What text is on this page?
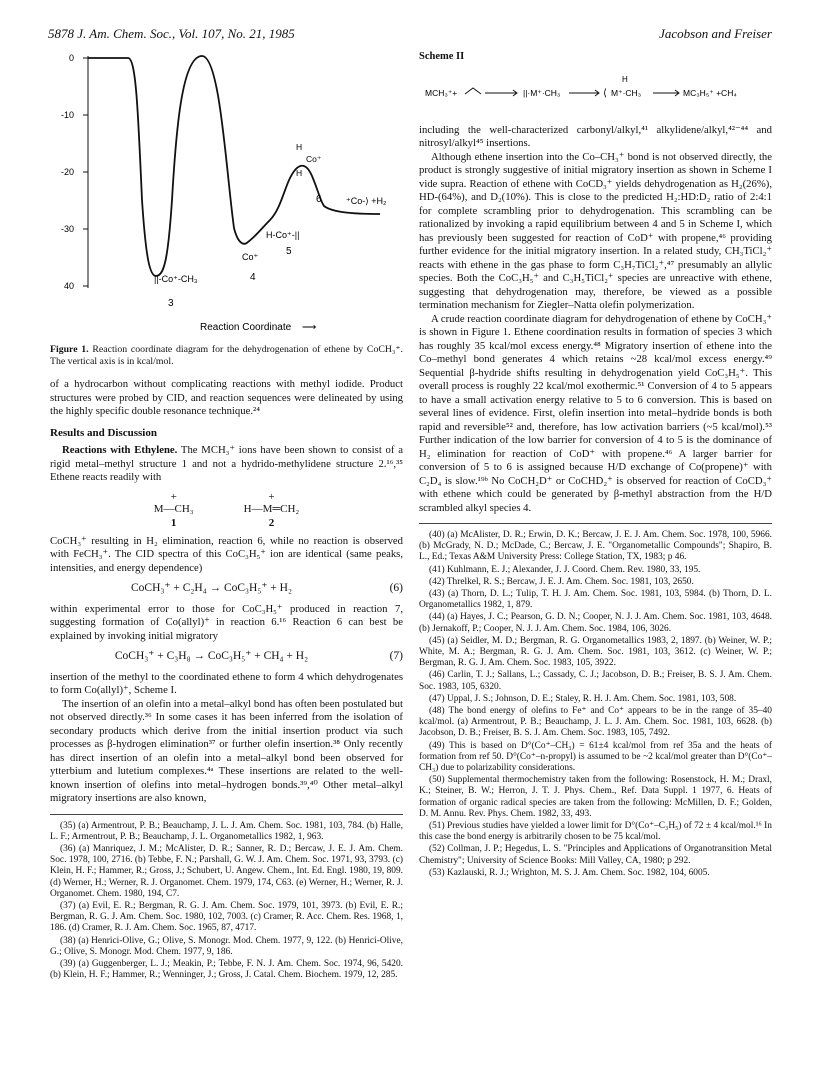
5878 J. Am. Chem. Soc., Vol. 107, No. 21, 1985	Jacobson and Freiser
0
-10
-20
-30
40
||-Co⁺-CH₃
3
Co⁺
4
H-Co⁺-||
5
H
Co⁺
H
6	⁺Co-⟩ +H₂
Reaction Coordinate ⟶
Figure 1. Reaction coordinate diagram for the dehydrogenation of ethene by CoCH₃⁺. The vertical axis is in kcal/mol.

of a hydrocarbon without complicating reactions with methyl iodide. Product structures were probed by CID, and reaction sequences were delineated by using the highly specific double resonance technique.²⁴

Results and Discussion

Reactions with Ethylene. The MCH₃⁺ ions have been shown to consist of a rigid metal–methyl structure 1 and not a hydrido-methylidene structure 2.¹⁶,³⁵ Ethene reacts readily with

+
M—CH₃
1
+
H—M═CH₂
2

CoCH₃⁺ resulting in H₂ elimination, reaction 6, while no reaction is observed with FeCH₃⁺. The CID spectra of this CoC₃H₅⁺ ion are identical (same peaks, intensities, and energy dependence)

CoCH₃⁺ + C₂H₄ → CoC₃H₅⁺ + H₂	(6)

within experimental error to those for CoC₃H₅⁺ produced in reaction 7, suggesting formation of Co(allyl)⁺ in reaction 6.¹⁶ Reaction 6 can best be explained by invoking initial migratory

CoCH₃⁺ + C₃H₈ → CoC₃H₅⁺ + CH₄ + H₂	(7)

insertion of the methyl to the coordinated ethene to form 4 which dehydrogenates to form Co(allyl)⁺, Scheme I.

The insertion of an olefin into a metal–alkyl bond has often been postulated but not observed directly.³⁶ In some cases it has been inferred from the isolation of secondary products which derive from the initial insertion product via such processes as β-hydrogen elimination³⁷ or further olefin insertion.³⁸ Only recently has direct insertion of an olefin into a metal–alkyl bond been observed for ytterbium and lutetium complexes.⁴ᵃ These insertions are related to the well-known insertion of olefins into metal–hydrogen bonds.³⁹,⁴⁰ Other metal–alkyl migratory insertions are also known,

(35) (a) Armentrout, P. B.; Beauchamp, J. L. J. Am. Chem. Soc. 1981, 103, 784. (b) Halle, L. F.; Armentrout, P. B.; Beauchamp, J. L. Organometallics 1982, 1, 963.
(36) (a) Manriquez, J. M.; McAlister, D. R.; Sanner, R. D.; Bercaw, J. E. J. Am. Chem. Soc. 1978, 100, 2716. (b) Tebbe, F. N.; Parshall, G. W. J. Am. Chem. Soc. 1971, 93, 3793. (c) Klein, H. F.; Hammer, R.; Gross, J.; Schubert, U. Angew. Chem., Int. Ed. Engl. 1980, 19, 809. (d) Werner, H.; Werner, R. J. Organomet. Chem. 1979, 174, C63. (e) Werner, H.; Werner, R. J. Organomet. Chem. 1980, 194, C7.
(37) (a) Evil, E. R.; Bergman, R. G. J. Am. Chem. Soc. 1979, 101, 3973. (b) Evil, E. R.; Bergman, R. G. J. Am. Chem. Soc. 1980, 102, 7003. (c) Cramer, R. Acc. Chem. Res. 1968, 1, 186. (d) Cramer, R. J. Am. Chem. Soc. 1965, 87, 4717.
(38) (a) Henrici-Olive, G.; Olive, S. Monogr. Mod. Chem. 1977, 9, 122. (b) Henrici-Olive, G.; Olive, S. Monogr. Mod. Chem. 1977, 9, 186.
(39) (a) Guggenberger, L. J.; Meakin, P.; Tebbe, F. N. J. Am. Chem. Soc. 1974, 96, 5420. (b) Klein, H. F.; Hammer, R.; Wenninger, J.; Gross, J. Catal. Chem. Biochem. 1979, 12, 285.
Scheme II
MCH₃⁺+	||·M⁺·CH₃	⟨
H
M⁺·CH₃	MC₃H₅⁺ +CH₄

including the well-characterized carbonyl/alkyl,⁴¹ alkylidene/alkyl,⁴²⁻⁴⁴ and nitrosyl/alkyl⁴⁵ insertions.

Although ethene insertion into the Co–CH₃⁺ bond is not observed directly, the product is strongly suggestive of initial migratory insertion as shown in Scheme I vide supra. Reaction of ethene with CoCD₃⁺ yields dehydrogenation as H₂(26%), HD-(64%), and D₂(10%). This is close to the predicted H₂:HD:D₂ ratio of 2:4:1 for complete scrambling prior to dehydrogenation. This scrambling can be rationalized by invoking a rapid equilibrium between 4 and 5 in Scheme I, which has previously been suggested for reaction of CoD⁺ with propene,⁴⁶ providing further evidence for the initial migratory insertion. In a related study, CH₃TiCl₂⁺ reacts with ethene in the gas phase to form C₃H₇TiCl₂⁺,⁴⁷ presumably an allylic species. Both the CoC₃H₅⁺ and C₃H₅TiCl₂⁺ species are unreactive with ethene, suggesting that dehydrogenation may, therefore, be viewed as a possible termination mechanism for Ziegler–Natta olefin polymerization.

A crude reaction coordinate diagram for dehydrogenation of ethene by CoCH₃⁺ is shown in Figure 1. Ethene coordination results in formation of species 3 which has roughly 35 kcal/mol excess energy.⁴⁸ Migratory insertion of ethene into the Co–methyl bond generates 4 which retains ~28 kcal/mol excess energy.⁴⁹ Sequential β-hydride shifts resulting in dehydrogenation yield CoC₃H₅⁺. This overall process is roughly 22 kcal/mol exothermic.⁵¹ Conversion of 4 to 5 appears to have a small activation energy relative to 5 to 6 conversion. This is based on several lines of evidence. First, olefin insertion into metal–hydride bonds is both rapid and reversible⁵² and, therefore, has low activation barriers (~5 kcal/mol).⁵³ Further indication of the low barrier for conversion of 4 to 5 is the dominance of H₂ elimination for reaction of CoD⁺ with propene.⁴⁶ A larger barrier for conversion of 5 to 6 is assigned because H/D exchange of Co(propene)⁺ with C₂D₄ is slow.¹⁹ᵇ No CoCH₂D⁺ or CoCHD₂⁺ is observed for reaction of CoCD₃⁺ with ethene which could be generated by β-methyl abstraction from the H/D scrambled alkyl species 4.

(40) (a) McAlister, D. R.; Erwin, D. K.; Bercaw, J. E. J. Am. Chem. Soc. 1978, 100, 5966. (b) McGrady, N. D.; McDade, C.; Bercaw, J. E. "Organometallic Compounds"; Shapiro, B. L., Ed.; Texas A&M University Press: College Station, TX, 1983; p 46.
(41) Kuhlmann, E. J.; Alexander, J. J. Coord. Chem. Rev. 1980, 33, 195.
(42) Threlkel, R. S.; Bercaw, J. E. J. Am. Chem. Soc. 1981, 103, 2650.
(43) (a) Thorn, D. L.; Tulip, T. H. J. Am. Chem. Soc. 1981, 103, 5984. (b) Thorn, D. L. Organometallics 1982, 1, 879.
(44) (a) Hayes, J. C.; Pearson, G. D. N.; Cooper, N. J. J. Am. Chem. Soc. 1981, 103, 4648. (b) Jernakoff, P.; Cooper, N. J. J. Am. Chem. Soc. 1984, 106, 3026.
(45) (a) Seidler, M. D.; Bergman, R. G. Organometallics 1983, 2, 1897. (b) Weiner, W. P.; White, M. A.; Bergman, R. G. J. Am. Chem. Soc. 1981, 103, 3612. (c) Weiner, W. P.; Bergman, R. G. J. Am. Chem. Soc. 1983, 105, 3922.
(46) Carlin, T. J.; Sallans, L.; Cassady, C. J.; Jacobson, D. B.; Freiser, B. S. J. Am. Chem. Soc. 1983, 105, 6320.
(47) Uppal, J. S.; Johnson, D. E.; Staley, R. H. J. Am. Chem. Soc. 1981, 103, 508.
(48) The bond energy of olefins to Fe⁺ and Co⁺ appears to be in the range of 35–40 kcal/mol. (a) Armentrout, P. B.; Beauchamp, J. L. J. Am. Chem. Soc. 1981, 103, 6628. (b) Jacobson, D. B.; Freiser, B. S. J. Am. Chem. Soc. 1983, 105, 7492.
(49) This is based on D°(Co⁺–CH₃) = 61±4 kcal/mol from ref 35a and the heats of formation from ref 50. D°(Co⁺–n-propyl) is assumed to be ~2 kcal/mol greater than D°(Co⁺–CH₃) due to polarizability considerations.
(50) Supplemental thermochemistry taken from the following: Rosenstock, H. M.; Draxl, K.; Steiner, B. W.; Herron, J. T. J. Phys. Chem., Ref. Data Suppl. 1 1977, 6. Heats of formation of organic radical species are taken from the following: McMillen, D. F.; Golden, D. M. Annu. Rev. Phys. Chem. 1982, 33, 493.
(51) Previous studies have yielded a lower limit for D°(Co⁺–C₃H₅) of 72 ± 4 kcal/mol.¹⁶ In this case the bond energy is arbitrarily chosen to be 75 kcal/mol.
(52) Collman, J. P.; Hegedus, L. S. "Principles and Applications of Organotransition Metal Chemistry"; University of Science Books: Mill Valley, CA, 1980; p 292.
(53) Kazlauski, R. J.; Wrighton, M. S. J. Am. Chem. Soc. 1982, 104, 6005.
